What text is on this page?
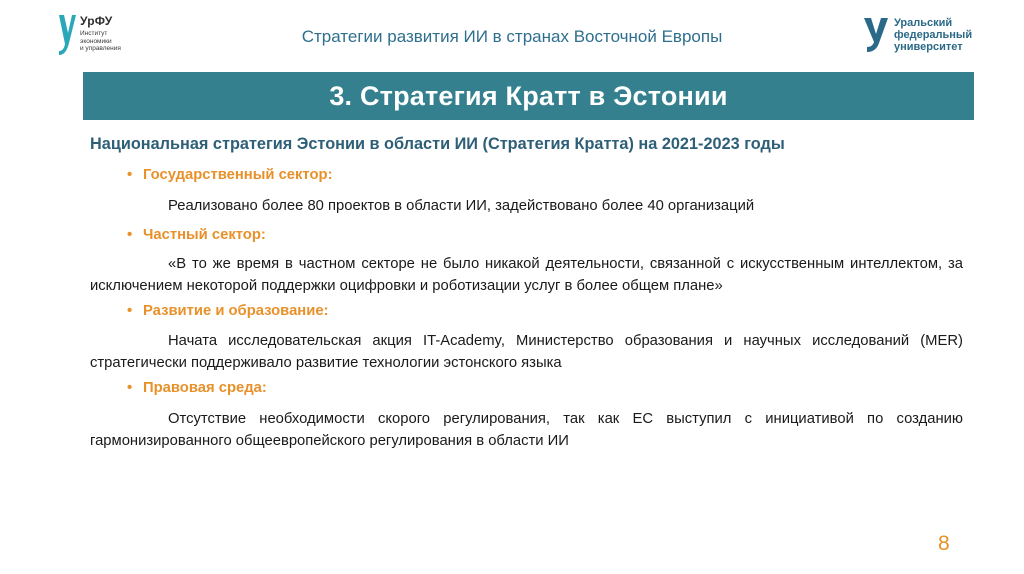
УрФУ
Институт
экономики
и управления
Стратегии развития ИИ в странах Восточной Европы
Уральский
федеральный
университет
3. Стратегия Кратт в Эстонии
Национальная стратегия Эстонии в области ИИ (Стратегия Кратта) на 2021-2023 годы
• Государственный сектор:
Реализовано более 80 проектов в области ИИ, задействовано более 40 организаций
• Частный сектор:
«В то же время в частном секторе не было никакой деятельности, связанной с искусственным интеллектом, за исключением некоторой поддержки оцифровки и роботизации услуг в более общем плане»
• Развитие и образование:
Начата исследовательская акция IT-Academy, Министерство образования и научных исследований (MER) стратегически поддерживало развитие технологии эстонского языка
• Правовая среда:
Отсутствие необходимости скорого регулирования, так как ЕС выступил с инициативой по созданию гармонизированного общеевропейского регулирования в области ИИ
8
